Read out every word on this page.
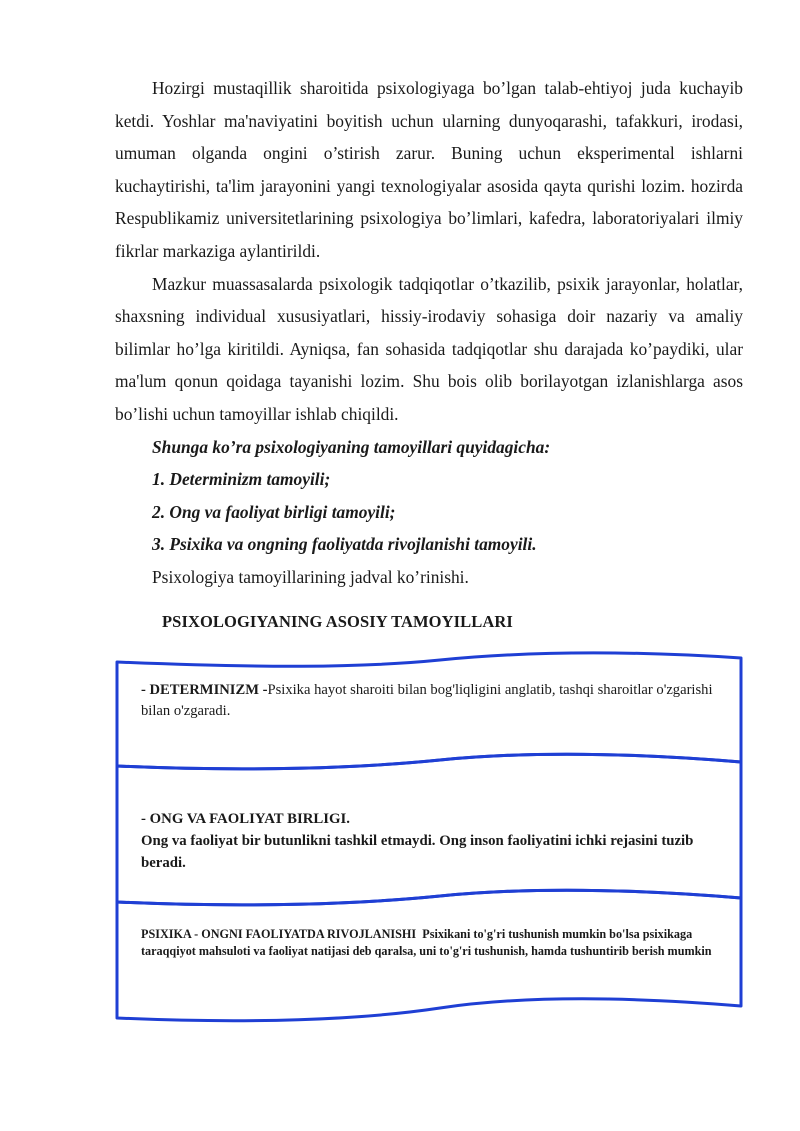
Hozirgi mustaqillik sharoitida psixologiyaga bo’lgan talab-ehtiyoj juda kuchayib ketdi. Yoshlar ma'naviyatini boyitish uchun ularning dunyoqarashi, tafakkuri, irodasi, umuman olganda ongini o’stirish zarur. Buning uchun eksperimental ishlarni kuchaytirishi, ta'lim jarayonini yangi texnologiyalar asosida qayta qurishi lozim. hozirda Respublikamiz universitetlarining psixologiya bo’limlari, kafedra, laboratoriyalari ilmiy fikrlar markaziga aylantirildi.

Mazkur muassasalarda psixologik tadqiqotlar o’tkazilib, psixik jarayonlar, holatlar, shaxsning individual xususiyatlari, hissiy-irodaviy sohasiga doir nazariy va amaliy bilimlar ho’lga kiritildi. Ayniqsa, fan sohasida tadqiqotlar shu darajada ko’paydiki, ular ma'lum qonun qoidaga tayanishi lozim. Shu bois olib borilayotgan izlanishlarga asos bo’lishi uchun tamoyillar ishlab chiqildi.

Shunga ko’ra psixologiyaning tamoyillari quyidagicha:

1. Determinizm tamoyili;

2. Ong va faoliyat birligi tamoyili;

3. Psixika va ongning faoliyatda rivojlanishi tamoyili.

Psixologiya tamoyillarining jadval ko’rinishi.

PSIXOLOGIYANING ASOSIY TAMOYILLARI

- DETERMINIZM -Psixika hayot sharoiti bilan bog'liqligini anglatib, tashqi sharoitlar o'zgarishi bilan o'zgaradi.
- ONG VA FAOLIYAT BIRLIGI.
Ong va faoliyat bir butunlikni tashkil etmaydi. Ong inson faoliyatini ichki rejasini tuzib beradi.
PSIXIKA - ONGNI FAOLIYATDA RIVOJLANISHI Psixikani to'g'ri tushunish mumkin bo'lsa psixikaga
taraqqiyot mahsuloti va faoliyat natijasi deb qaralsa, uni to'g'ri tushunish, hamda tushuntirib berish mumkin
